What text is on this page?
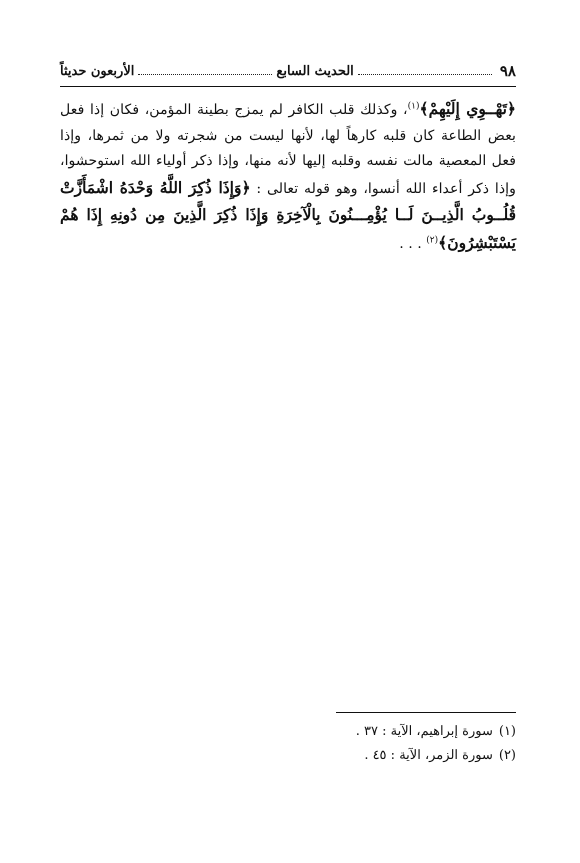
٩٨
الحديث السابع
الأربعون حديثاً

﴿تَهْــوِي إِلَيْهِمْ﴾$^{(١)}$، وكذلك قلب الكافر لم يمزج بطينة المؤمن، فكان إذا فعل بعض الطاعة كان قلبه كارهاً لها، لأنها ليست من شجرته ولا من ثمرها، وإذا فعل المعصية مالت نفسه وقلبه إليها لأنه منها، وإذا ذكر أولياء الله استوحشوا، وإذا ذكر أعداء الله أنسوا، وهو قوله تعالى : ﴿وَإِذَا ذُكِرَ اللَّهُ وَحْدَهُ اشْمَأَزَّتْ قُلُــوبُ الَّذِيــنَ لَــا يُؤْمِـــنُونَ بِالْآخِرَةِ وَإِذَا ذُكِرَ الَّذِينَ مِن دُونِهِ إِذَا هُمْ يَسْتَبْشِرُونَ﴾$^{(٢)}$ . . .

(١)سورة إبراهيم، الآية : ٣٧ .
(٢)سورة الزمر، الآية : ٤٥ .
